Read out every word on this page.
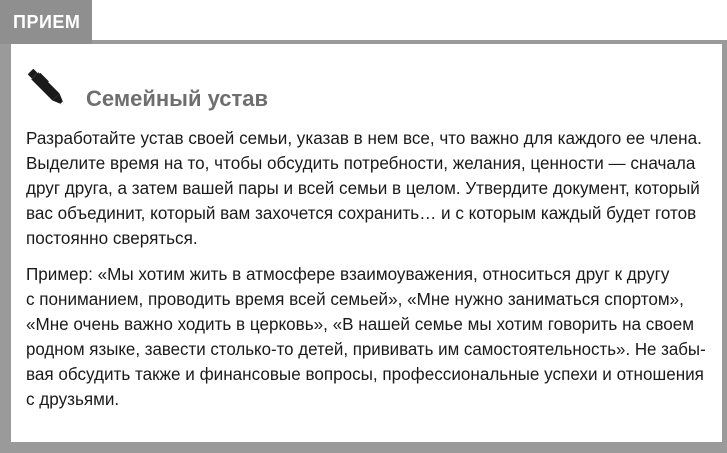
ПРИЕМ
Семейный устав

Разработайте устав своей семьи, указав в нем все, что важно для каждого ее члена.
Выделите время на то, чтобы обсудить потребности, желания, ценности — сначала
друг друга, а затем вашей пары и всей семьи в целом. Утвердите документ, который
вас объединит, который вам захочется сохранить… и с которым каждый будет готов
постоянно сверяться.

Пример: «Мы хотим жить в атмосфере взаимоуважения, относиться друг к другу
с пониманием, проводить время всей семьей», «Мне нужно заниматься спортом»,
«Мне очень важно ходить в церковь», «В нашей семье мы хотим говорить на своем
родном языке, завести столько-то детей, прививать им самостоятельность». Не забы-
вая обсудить также и финансовые вопросы, профессиональные успехи и отношения
с друзьями.
